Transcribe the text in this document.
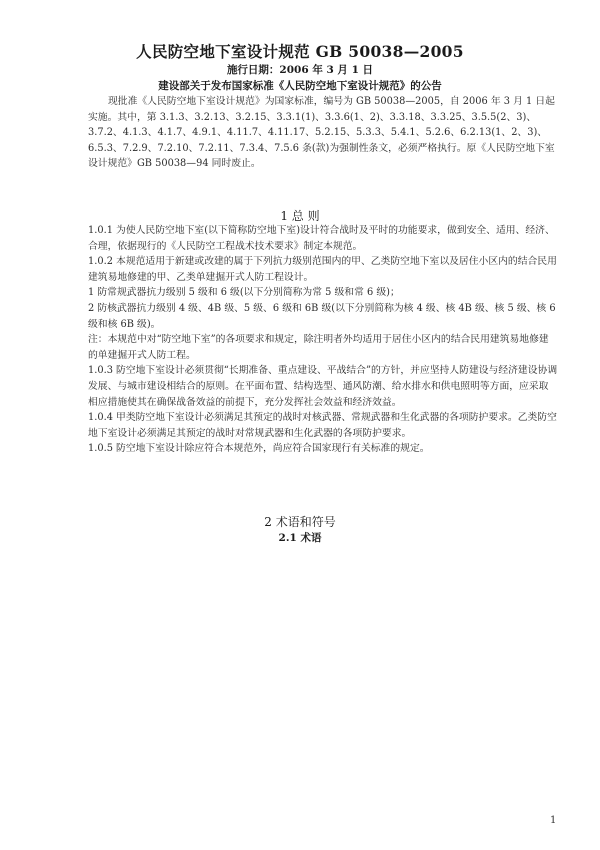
人民防空地下室设计规范 GB 50038—2005
施行日期：2006 年 3 月 1 日
建设部关于发布国家标准《人民防空地下室设计规范》的公告

现批准《人民防空地下室设计规范》为国家标准，编号为 GB 50038—2005，自 2006 年 3 月 1 日起实施。其中，第 3.1.3、3.2.13、3.2.15、3.3.1(1)、3.3.6(1、2)、3.3.18、3.3.25、3.5.5(2、3)、3.7.2、4.1.3、4.1.7、4.9.1、4.11.7、4.11.17、5.2.15、5.3.3、5.4.1、5.2.6、6.2.13(1、2、3)、6.5.3、7.2.9、7.2.10、7.2.11、7.3.4、7.5.6 条(款)为强制性条文，必须严格执行。原《人民防空地下室设计规范》GB 50038—94 同时废止。

1 总 则

1.0.1 为使人民防空地下室(以下简称防空地下室)设计符合战时及平时的功能要求，做到安全、适用、经济、合理，依据现行的《人民防空工程战术技术要求》制定本规范。

1.0.2 本规范适用于新建或改建的属于下列抗力级别范围内的甲、乙类防空地下室以及居住小区内的结合民用建筑易地修建的甲、乙类单建掘开式人防工程设计。

1 防常规武器抗力级别 5 级和 6 级(以下分别简称为常 5 级和常 6 级)；

2 防核武器抗力级别 4 级、4B 级、5 级、6 级和 6B 级(以下分别简称为核 4 级、核 4B 级、核 5 级、核 6 级和核 6B 级)。

注：本规范中对“防空地下室”的各项要求和规定，除注明者外均适用于居住小区内的结合民用建筑易地修建的单建掘开式人防工程。

1.0.3 防空地下室设计必须贯彻“长期准备、重点建设、平战结合”的方针，并应坚持人防建设与经济建设协调发展、与城市建设相结合的原则。在平面布置、结构选型、通风防潮、给水排水和供电照明等方面，应采取相应措施使其在确保战备效益的前提下，充分发挥社会效益和经济效益。

1.0.4 甲类防空地下室设计必须满足其预定的战时对核武器、常规武器和生化武器的各项防护要求。乙类防空地下室设计必须满足其预定的战时对常规武器和生化武器的各项防护要求。

1.0.5 防空地下室设计除应符合本规范外，尚应符合国家现行有关标准的规定。

2 术语和符号
2.1 术语
1
